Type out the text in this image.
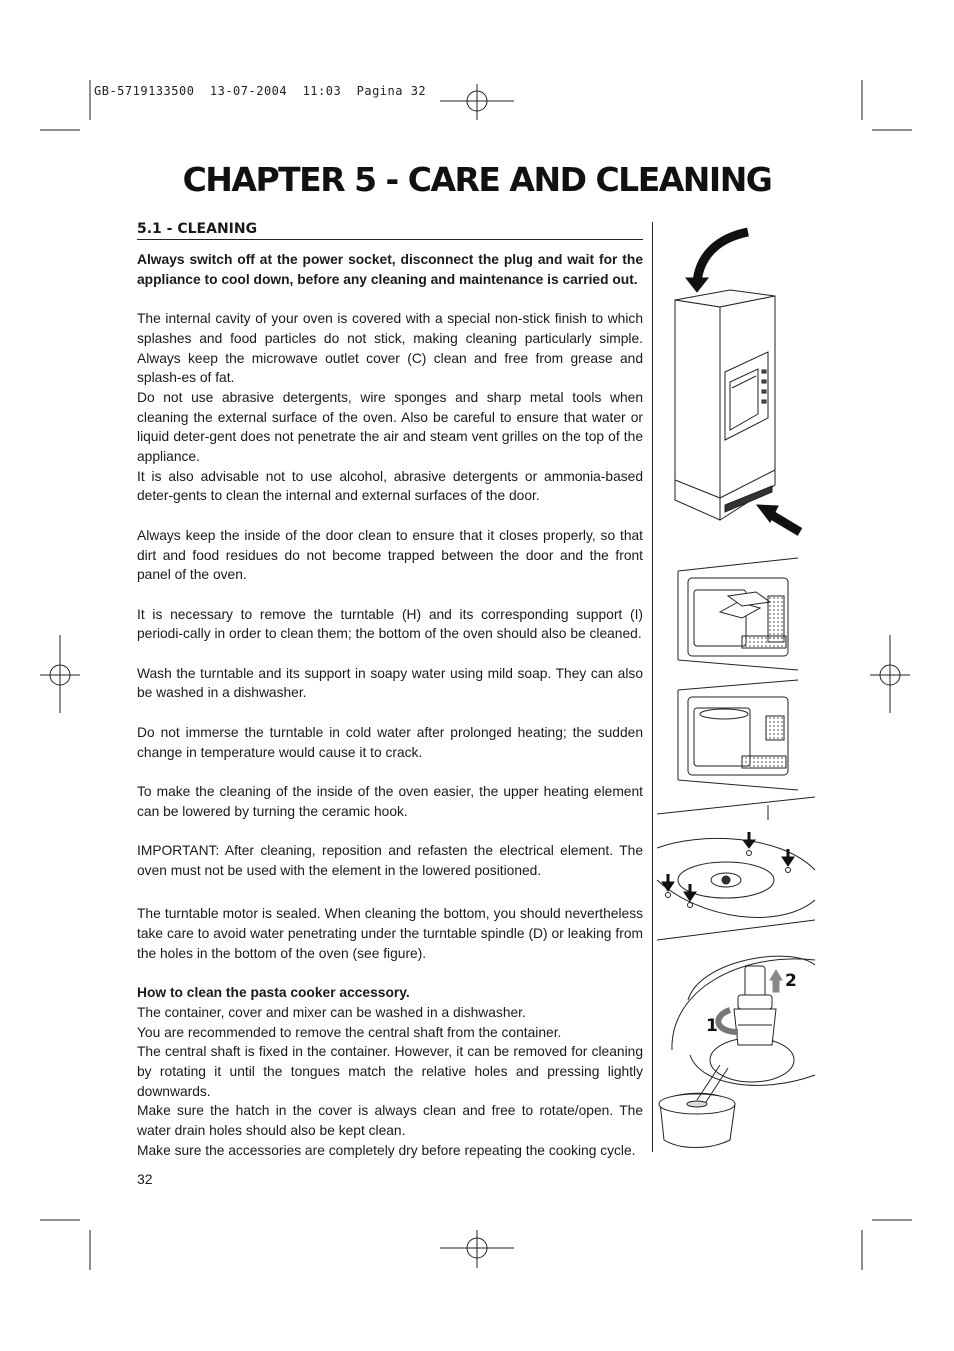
GB-5719133500  13-07-2004  11:03  Pagina 32
CHAPTER 5 - CARE AND CLEANING
5.1 - CLEANING

Always switch off at the power socket, disconnect the plug and wait for the appliance to cool down, before any cleaning and maintenance is carried out.

The internal cavity of your oven is covered with a special non-stick finish to which splashes and food particles do not stick, making cleaning particularly simple. Always keep the microwave outlet cover (C) clean and free from grease and splash-es of fat.

Do not use abrasive detergents, wire sponges and sharp metal tools when cleaning the external surface of the oven. Also be careful to ensure that water or liquid deter-gent does not penetrate the air and steam vent grilles on the top of the appliance.

It is also advisable not to use alcohol, abrasive detergents or ammonia-based deter-gents to clean the internal and external surfaces of the door.

Always keep the inside of the door clean to ensure that it closes properly, so that dirt and food residues do not become trapped between the door and the front panel of the oven.

It is necessary to remove the turntable (H) and its corresponding support (I) periodi-cally in order to clean them; the bottom of the oven should also be cleaned.

Wash the turntable and its support in soapy water using mild soap. They can also be washed in a dishwasher.

Do not immerse the turntable in cold water after prolonged heating; the sudden change in temperature would cause it to crack.

To make the cleaning of the inside of the oven easier, the upper heating element can be lowered by turning the ceramic hook.

IMPORTANT: After cleaning, reposition and refasten the electrical element. The oven must not be used with the element in the lowered positioned.

The turntable motor is sealed. When cleaning the bottom, you should nevertheless take care to avoid water penetrating under the turntable spindle (D) or leaking from the holes in the bottom of the oven (see figure).

How to clean the pasta cooker accessory.

The container, cover and mixer can be washed in a dishwasher.

You are recommended to remove the central shaft from the container.

The central shaft is fixed in the container. However, it can be removed for cleaning by rotating it until the tongues match the relative holes and pressing lightly downwards.

Make sure the hatch in the cover is always clean and free to rotate/open. The water drain holes should also be kept clean.

Make sure the accessories are completely dry before repeating the cooking cycle.

32
1
2
